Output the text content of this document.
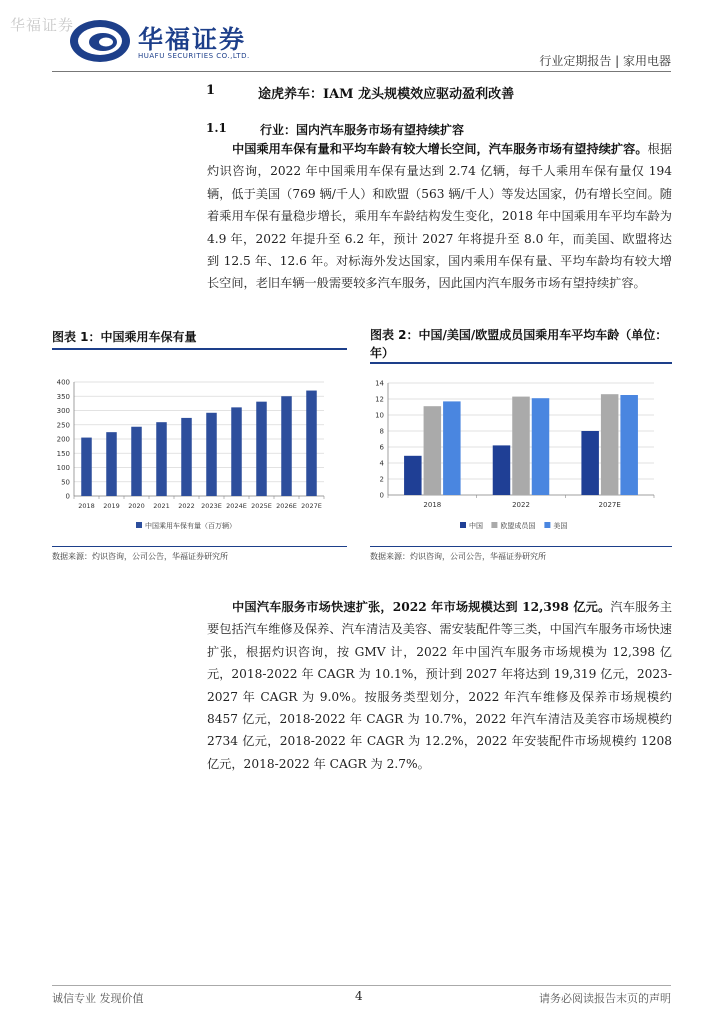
华福证券	华福证券
HUAFU SECURITIES CO.,LTD.	行业定期报告 | 家用电器
1	途虎养车：IAM 龙头规模效应驱动盈利改善
1.1	行业：国内汽车服务市场有望持续扩容
中国乘用车保有量和平均车龄有较大增长空间，汽车服务市场有望持续扩容。根据灼识咨询，2022 年中国乘用车保有量达到 2.74 亿辆，每千人乘用车保有量仅 194 辆，低于美国（769 辆/千人）和欧盟（563 辆/千人）等发达国家，仍有增长空间。随着乘用车保有量稳步增长，乘用车车龄结构发生变化，2018 年中国乘用车平均车龄为 4.9 年，2022 年提升至 6.2 年，预计 2027 年将提升至 8.0 年，而美国、欧盟将达到 12.5 年、12.6 年。对标海外发达国家，国内乘用车保有量、平均车龄均有较大增长空间，老旧车辆一般需要较多汽车服务，因此国内汽车服务市场有望持续扩容。
图表 1：中国乘用车保有量	图表 2：中国/美国/欧盟成员国乘用车平均车龄（单位：年）
0
50
100
150
200
250
300
350
400
2018 2019 2020 2021 2022 2023E 2024E 2025E 2026E 2027E
中国乘用车保有量（百万辆）
0
2
4
6
8
10
12
14
2018	2022	2027E
中国 欧盟成员国	美国
数据来源：灼识咨询，公司公告，华福证券研究所	数据来源：灼识咨询，公司公告，华福证券研究所
中国汽车服务市场快速扩张，2022 年市场规模达到 12,398 亿元。汽车服务主要包括汽车维修及保养、汽车清洁及美容、需安装配件等三类，中国汽车服务市场快速扩张，根据灼识咨询，按 GMV 计，2022 年中国汽车服务市场规模为 12,398 亿元，2018-2022 年 CAGR 为 10.1%，预计到 2027 年将达到 19,319 亿元，2023-2027 年 CAGR 为 9.0%。按服务类型划分，2022 年汽车维修及保养市场规模约 8457 亿元，2018-2022 年 CAGR 为 10.7%，2022 年汽车清洁及美容市场规模约 2734 亿元，2018-2022 年 CAGR 为 12.2%，2022 年安装配件市场规模约 1208 亿元，2018-2022 年 CAGR 为 2.7%。
诚信专业 发现价值	4	请务必阅读报告末页的声明
